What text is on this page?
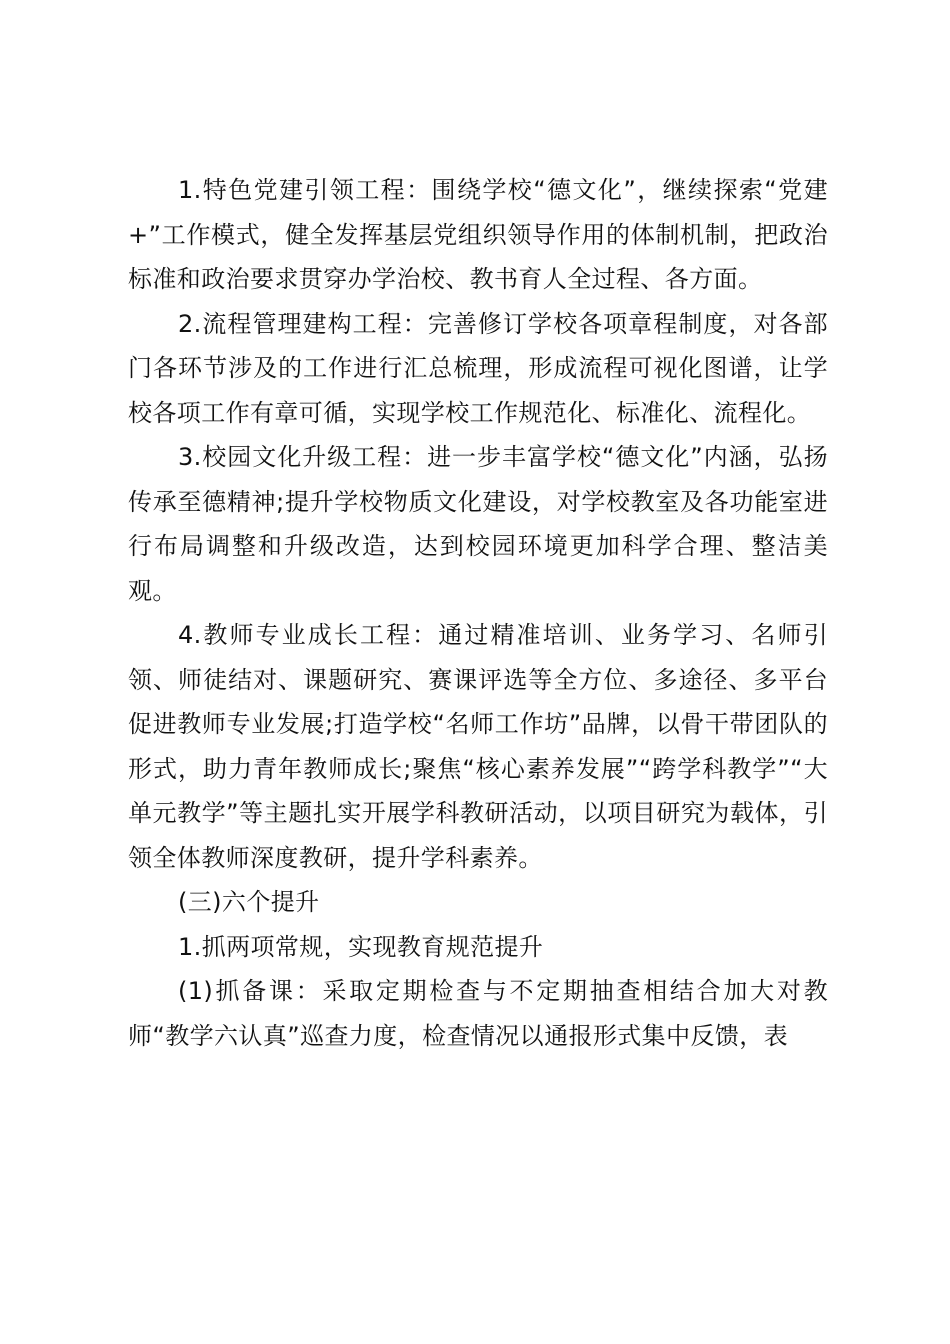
1.特色党建引领工程：围绕学校“德文化”，继续探索“党建+”工作模式，健全发挥基层党组织领导作用的体制机制，把政治标准和政治要求贯穿办学治校、教书育人全过程、各方面。

2.流程管理建构工程：完善修订学校各项章程制度，对各部门各环节涉及的工作进行汇总梳理，形成流程可视化图谱，让学校各项工作有章可循，实现学校工作规范化、标准化、流程化。

3.校园文化升级工程：进一步丰富学校“德文化”内涵，弘扬传承至德精神;提升学校物质文化建设，对学校教室及各功能室进行布局调整和升级改造，达到校园环境更加科学合理、整洁美观。

4.教师专业成长工程：通过精准培训、业务学习、名师引领、师徒结对、课题研究、赛课评选等全方位、多途径、多平台促进教师专业发展;打造学校“名师工作坊”品牌，以骨干带团队的形式，助力青年教师成长;聚焦“核心素养发展”“跨学科教学”“大单元教学”等主题扎实开展学科教研活动，以项目研究为载体，引领全体教师深度教研，提升学科素养。

(三)六个提升

1.抓两项常规，实现教育规范提升

(1)抓备课：采取定期检查与不定期抽查相结合加大对教师“教学六认真”巡查力度，检查情况以通报形式集中反馈，表
